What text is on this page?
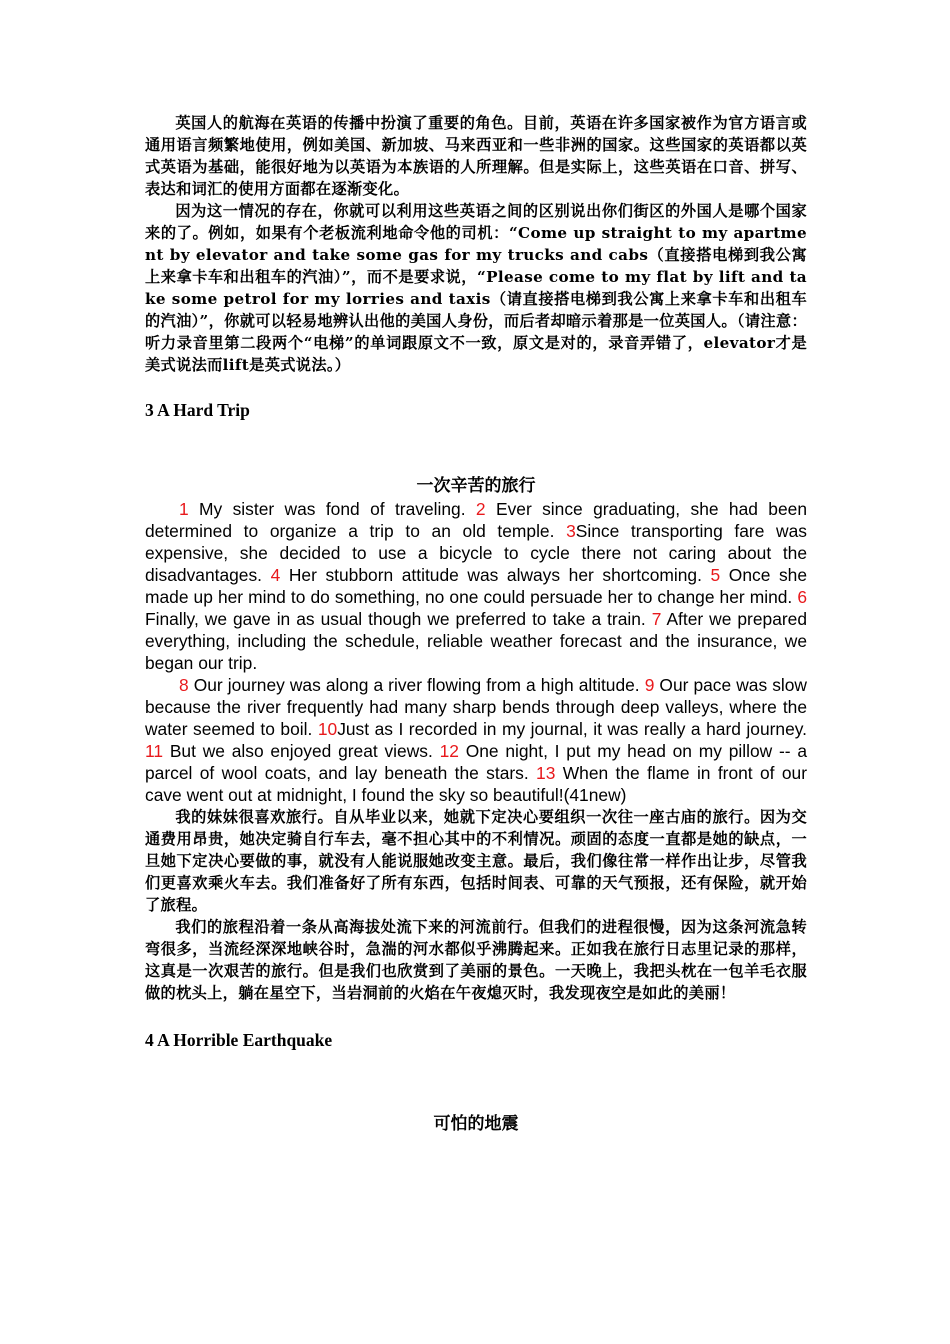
英国人的航海在英语的传播中扮演了重要的角色。目前，英语在许多国家被作为官方语言或通用语言频繁地使用，例如美国、新加坡、马来西亚和一些非洲的国家。这些国家的英语都以英式英语为基础，能很好地为以英语为本族语的人所理解。但是实际上，这些英语在口音、拼写、表达和词汇的使用方面都在逐渐变化。

因为这一情况的存在，你就可以利用这些英语之间的区别说出你们街区的外国人是哪个国家来的了。例如，如果有个老板流利地命令他的司机：“Come up straight to my apartment by elevator and take some gas for my trucks and cabs（直接搭电梯到我公寓上来拿卡车和出租车的汽油）”，而不是要求说，“Please come to my flat by lift and take some petrol for my lorries and taxis（请直接搭电梯到我公寓上来拿卡车和出租车的汽油）”，你就可以轻易地辨认出他的美国人身份，而后者却暗示着那是一位英国人。（请注意：听力录音里第二段两个“电梯”的单词跟原文不一致，原文是对的，录音弄错了，elevator才是美式说法而lift是英式说法。）

3 A Hard Trip
一次辛苦的旅行

1 My sister was fond of traveling. 2 Ever since graduating, she had been determined to organize a trip to an old temple. 3Since transporting fare was expensive, she decided to use a bicycle to cycle there not caring about the disadvantages. 4 Her stubborn attitude was always her shortcoming. 5 Once she made up her mind to do something, no one could persuade her to change her mind. 6 Finally, we gave in as usual though we preferred to take a train. 7 After we prepared everything, including the schedule, reliable weather forecast and the insurance, we began our trip.

8 Our journey was along a river flowing from a high altitude. 9 Our pace was slow because the river frequently had many sharp bends through deep valleys, where the water seemed to boil. 10Just as I recorded in my journal, it was really a hard journey. 11 But we also enjoyed great views. 12 One night, I put my head on my pillow -- a parcel of wool coats, and lay beneath the stars. 13 When the flame in front of our cave went out at midnight, I found the sky so beautiful!(41new)

我的妹妹很喜欢旅行。自从毕业以来，她就下定决心要组织一次往一座古庙的旅行。因为交通费用昂贵，她决定骑自行车去，毫不担心其中的不利情况。顽固的态度一直都是她的缺点，一旦她下定决心要做的事，就没有人能说服她改变主意。最后，我们像往常一样作出让步，尽管我们更喜欢乘火车去。我们准备好了所有东西，包括时间表、可靠的天气预报，还有保险，就开始了旅程。

我们的旅程沿着一条从高海拔处流下来的河流前行。但我们的进程很慢，因为这条河流急转弯很多，当流经深深地峡谷时，急湍的河水都似乎沸腾起来。正如我在旅行日志里记录的那样，这真是一次艰苦的旅行。但是我们也欣赏到了美丽的景色。一天晚上，我把头枕在一包羊毛衣服做的枕头上，躺在星空下，当岩洞前的火焰在午夜熄灭时，我发现夜空是如此的美丽！

4 A Horrible Earthquake
可怕的地震
